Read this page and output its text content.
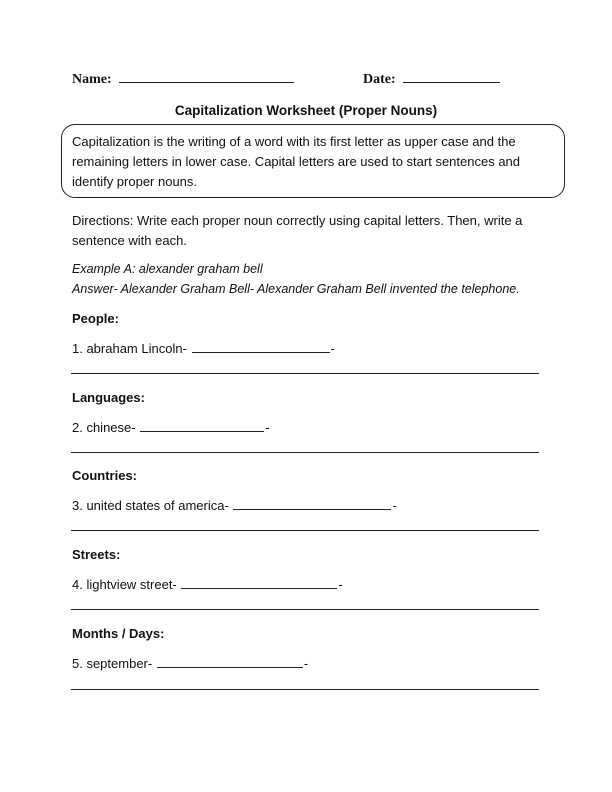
Name:	Date:
Capitalization Worksheet (Proper Nouns)
Capitalization is the writing of a word with its first letter as upper case and the remaining letters in lower case. Capital letters are used to start sentences and identify proper nouns.
Directions: Write each proper noun correctly using capital letters. Then, write a sentence with each.
Example A: alexander graham bell
Answer- Alexander Graham Bell- Alexander Graham Bell invented the telephone.
People:
1. abraham Lincoln-	-
Languages:
2. chinese-	-
Countries:
3. united states of america-	-
Streets:
4. lightview street-	-
Months / Days:
5. september-	-
